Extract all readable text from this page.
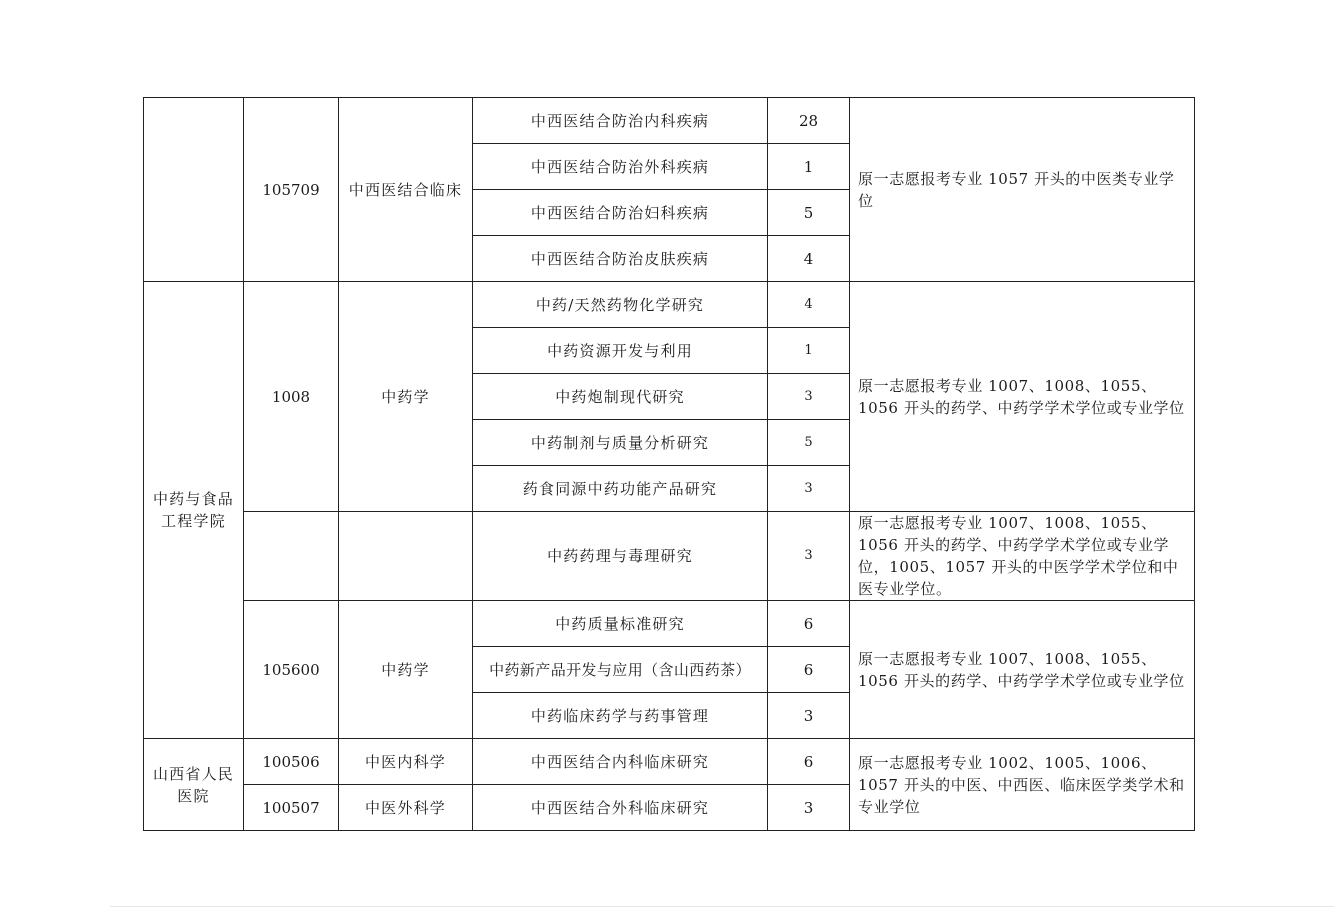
	105709	中西医结合临床	中西医结合防治内科疾病	28	原一志愿报考专业 1057 开头的中医类专业学位
			中西医结合防治外科疾病	1	
			中西医结合防治妇科疾病	5	
			中西医结合防治皮肤疾病	4	
中药与食品工程学院	1008	中药学	中药/天然药物化学研究	4	原一志愿报考专业 1007、1008、1055、1056 开头的药学、中药学学术学位或专业学位
			中药资源开发与利用	1	
			中药炮制现代研究	3	
			中药制剂与质量分析研究	5	
			药食同源中药功能产品研究	3	
			中药药理与毒理研究	3	原一志愿报考专业 1007、1008、1055、1056 开头的药学、中药学学术学位或专业学位，1005、1057 开头的中医学学术学位和中医专业学位。
	105600	中药学	中药质量标准研究	6	原一志愿报考专业 1007、1008、1055、1056 开头的药学、中药学学术学位或专业学位
			中药新产品开发与应用（含山西药茶）	6	
			中药临床药学与药事管理	3	
山西省人民医院	100506	中医内科学	中西医结合内科临床研究	6	原一志愿报考专业 1002、1005、1006、1057 开头的中医、中西医、临床医学类学术和专业学位
	100507	中医外科学	中西医结合外科临床研究	3	
